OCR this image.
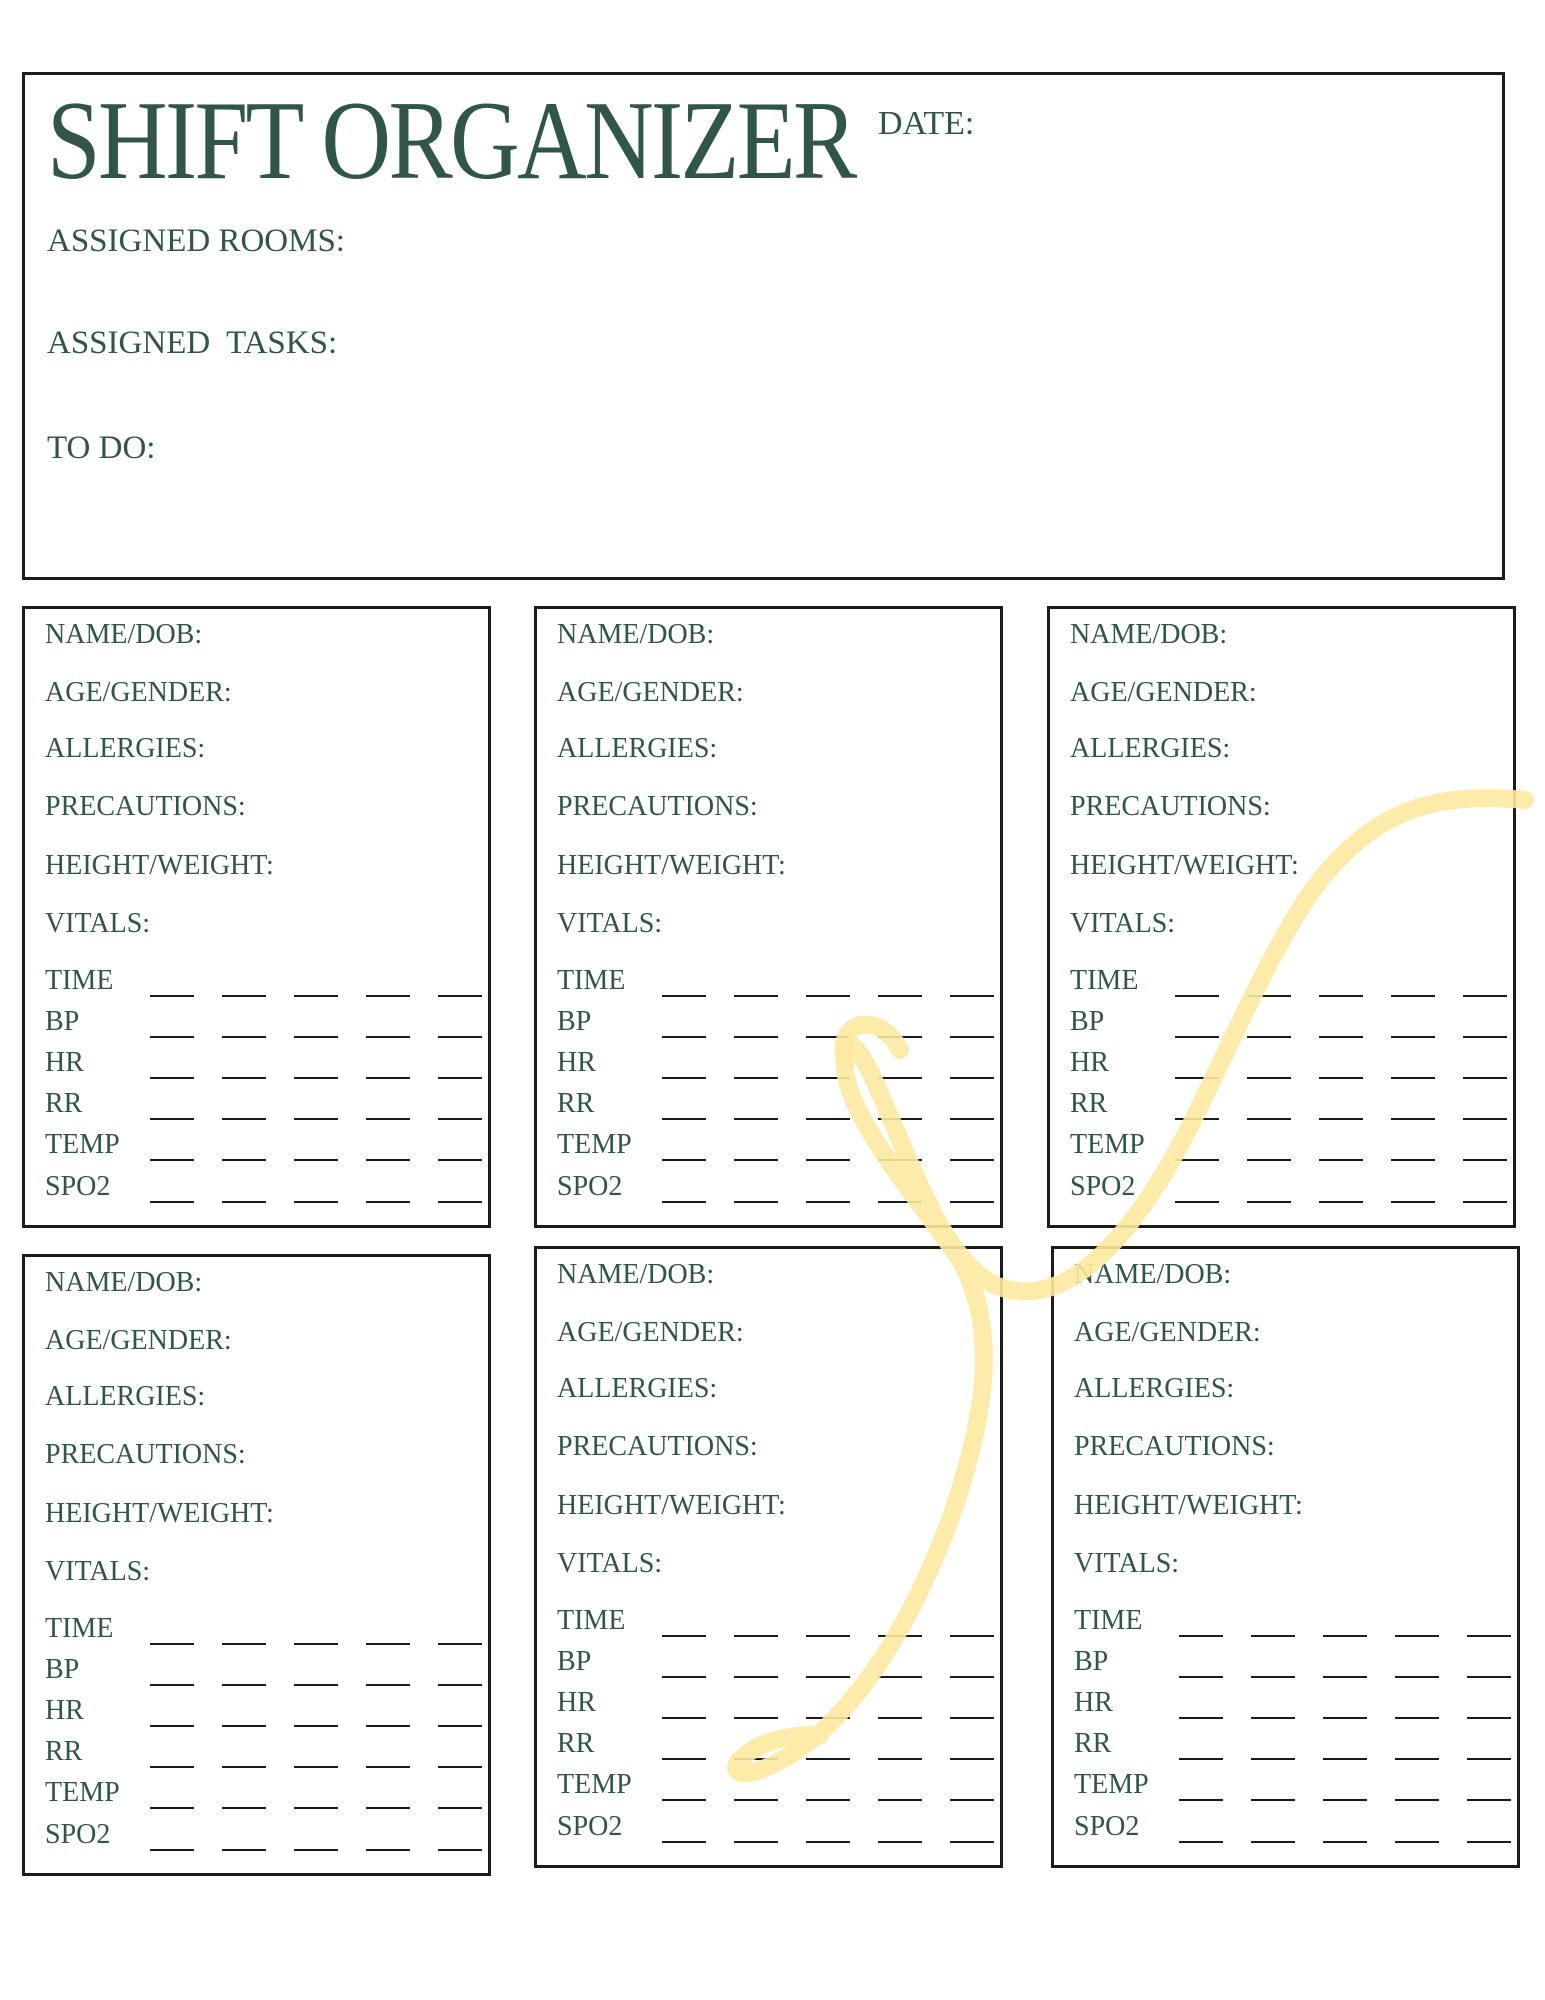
SHIFT ORGANIZER DATE:
ASSIGNED ROOMS:
ASSIGNED  TASKS:
TO DO:
NAME/DOB:
AGE/GENDER:
ALLERGIES:
PRECAUTIONS:
HEIGHT/WEIGHT:
VITALS:
TIME
BP
HR
RR
TEMP
SPO2
NAME/DOB:
AGE/GENDER:
ALLERGIES:
PRECAUTIONS:
HEIGHT/WEIGHT:
VITALS:
TIME
BP
HR
RR
TEMP
SPO2
NAME/DOB:
AGE/GENDER:
ALLERGIES:
PRECAUTIONS:
HEIGHT/WEIGHT:
VITALS:
TIME
BP
HR
RR
TEMP
SPO2
NAME/DOB:
AGE/GENDER:
ALLERGIES:
PRECAUTIONS:
HEIGHT/WEIGHT:
VITALS:
TIME
BP
HR
RR
TEMP
SPO2
NAME/DOB:
AGE/GENDER:
ALLERGIES:
PRECAUTIONS:
HEIGHT/WEIGHT:
VITALS:
TIME
BP
HR
RR
TEMP
SPO2
NAME/DOB:
AGE/GENDER:
ALLERGIES:
PRECAUTIONS:
HEIGHT/WEIGHT:
VITALS:
TIME
BP
HR
RR
TEMP
SPO2
